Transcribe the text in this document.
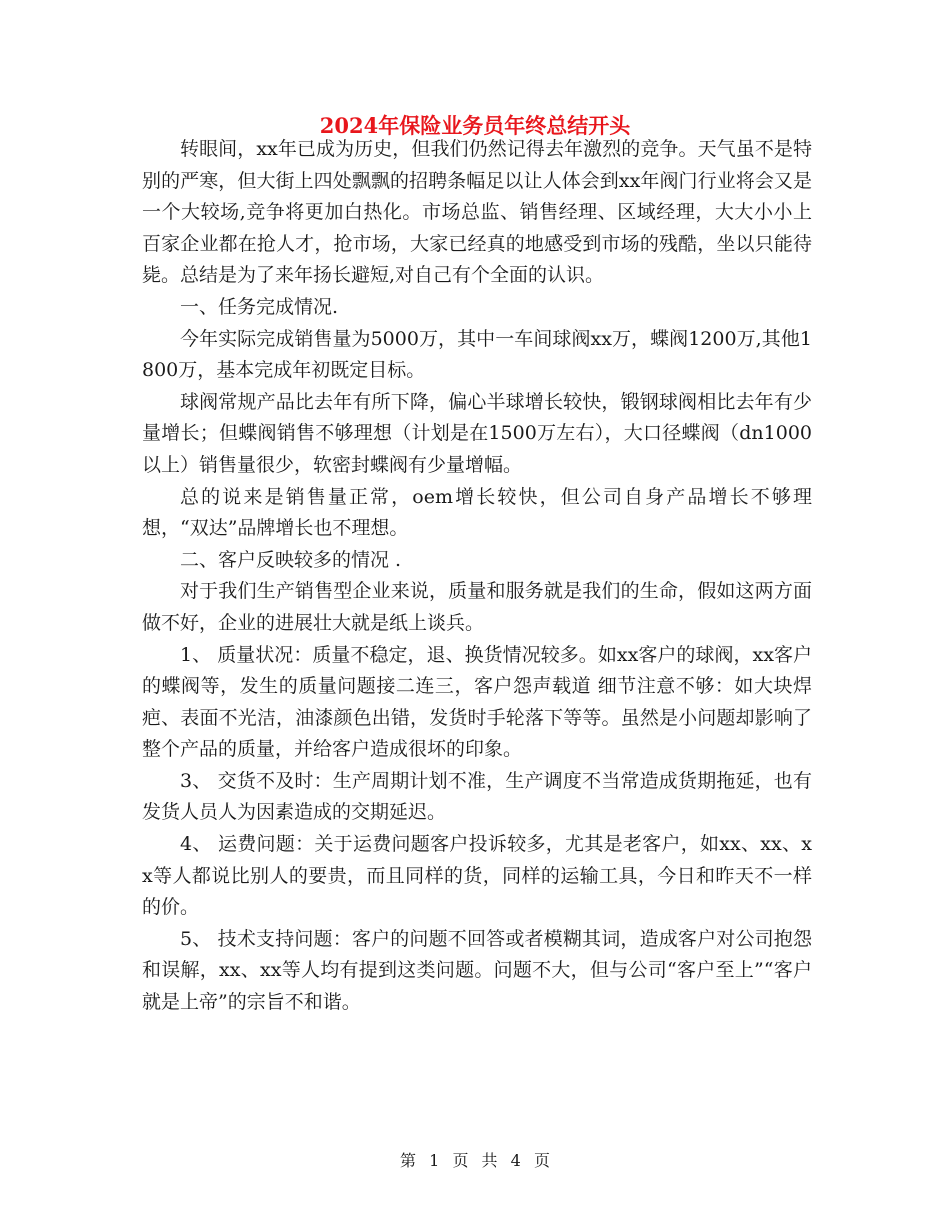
2024年保险业务员年终总结开头

转眼间，xx年已成为历史，但我们仍然记得去年激烈的竞争。天气虽不是特别的严寒，但大街上四处飘飘的招聘条幅足以让人体会到xx年阀门行业将会又是一个大较场,竞争将更加白热化。市场总监、销售经理、区域经理，大大小小上百家企业都在抢人才，抢市场，大家已经真的地感受到市场的残酷，坐以只能待毙。总结是为了来年扬长避短,对自己有个全面的认识。

一、任务完成情况.

今年实际完成销售量为5000万，其中一车间球阀xx万，蝶阀1200万,其他1800万，基本完成年初既定目标。

球阀常规产品比去年有所下降，偏心半球增长较快，锻钢球阀相比去年有少量增长；但蝶阀销售不够理想（计划是在1500万左右），大口径蝶阀（dn1000以上）销售量很少，软密封蝶阀有少量增幅。

总的说来是销售量正常，oem增长较快，但公司自身产品增长不够理想，“双达”品牌增长也不理想。

二、客户反映较多的情况 .

对于我们生产销售型企业来说，质量和服务就是我们的生命，假如这两方面做不好，企业的进展壮大就是纸上谈兵。

1、 质量状况：质量不稳定，退、换货情况较多。如xx客户的球阀，xx客户的蝶阀等，发生的质量问题接二连三，客户怨声载道 细节注意不够：如大块焊疤、表面不光洁，油漆颜色出错，发货时手轮落下等等。虽然是小问题却影响了整个产品的质量，并给客户造成很坏的印象。

3、 交货不及时：生产周期计划不准，生产调度不当常造成货期拖延，也有发货人员人为因素造成的交期延迟。

4、 运费问题：关于运费问题客户投诉较多，尤其是老客户，如xx、xx、xx等人都说比别人的要贵，而且同样的货，同样的运输工具，今日和昨天不一样的价。

5、 技术支持问题：客户的问题不回答或者模糊其词，造成客户对公司抱怨和误解，xx、xx等人均有提到这类问题。问题不大，但与公司“客户至上”“客户就是上帝”的宗旨不和谐。

第 1 页 共 4 页
